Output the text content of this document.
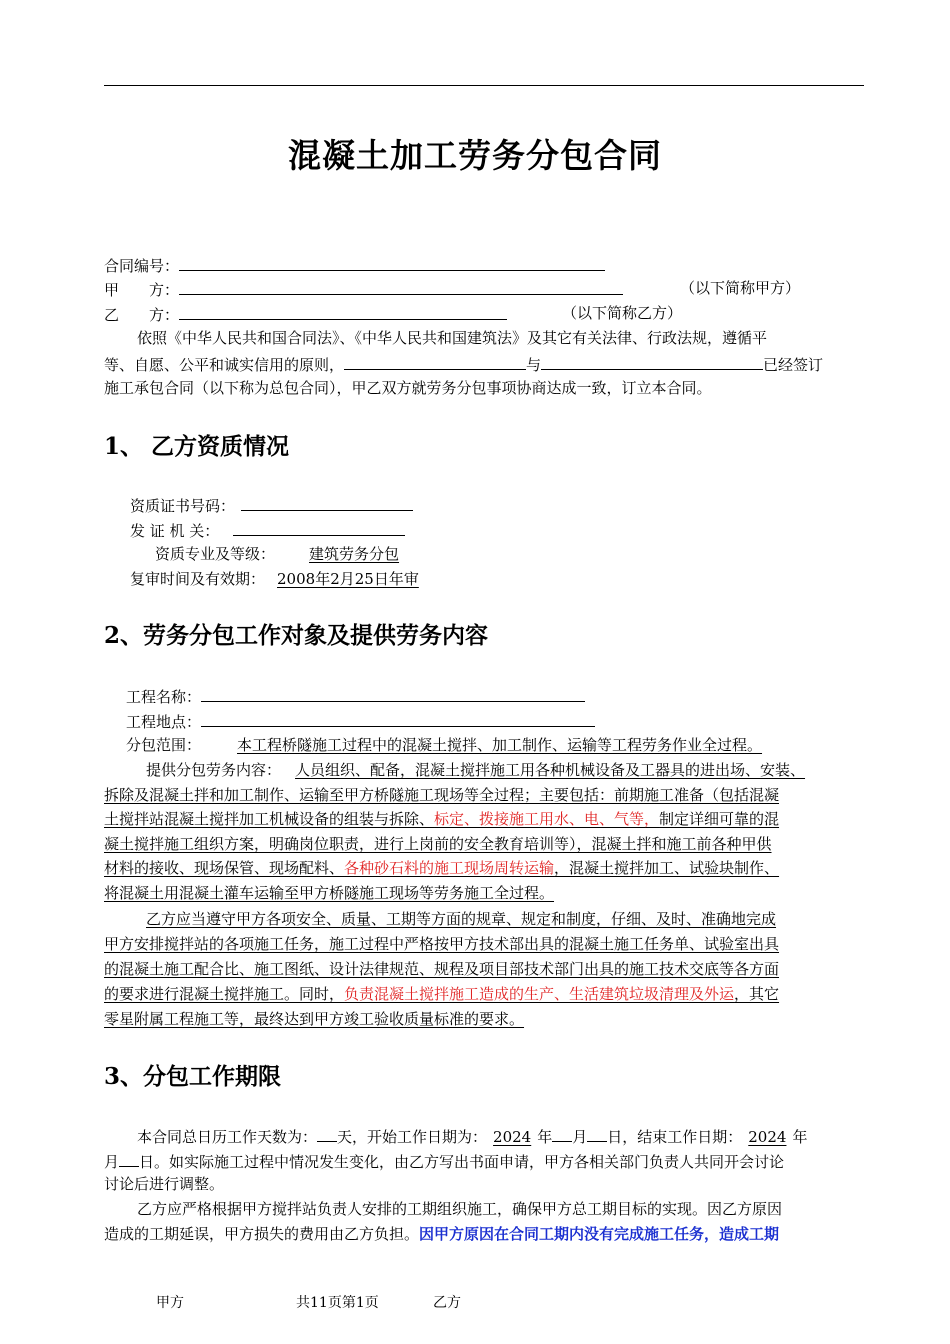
混凝土加工劳务分包合同
合同编号：
甲　　方：	（以下简称甲方）
乙　　方：	（以下简称乙方）
依照《中华人民共和国合同法》、《中华人民共和国建筑法》及其它有关法律、行政法规，遵循平
等、自愿、公平和诚实信用的原则，	与	已经签订
施工承包合同（以下称为总包合同），甲乙双方就劳务分包事项协商达成一致，订立本合同。
1、 乙方资质情况
资质证书号码：
发 证 机 关：
资质专业及等级： 建筑劳务分包
复审时间及有效期： 2008年2月25日年审
2、劳务分包工作对象及提供劳务内容
工程名称：
工程地点：
分包范围： 本工程桥隧施工过程中的混凝土搅拌、加工制作、运输等工程劳务作业全过程。
提供分包劳务内容： 人员组织、配备，混凝土搅拌施工用各种机械设备及工器具的进出场、安装、
拆除及混凝土拌和加工制作、运输至甲方桥隧施工现场等全过程；主要包括：前期施工准备（包括混凝
土搅拌站混凝土搅拌加工机械设备的组装与拆除、标定、拨接施工用水、电、气等，制定详细可靠的混
凝土搅拌施工组织方案，明确岗位职责，进行上岗前的安全教育培训等），混凝土拌和施工前各种甲供
材料的接收、现场保管、现场配料、各种砂石料的施工现场周转运输，混凝土搅拌加工、试验块制作、
将混凝土用混凝土灌车运输至甲方桥隧施工现场等劳务施工全过程。
乙方应当遵守甲方各项安全、质量、工期等方面的规章、规定和制度，仔细、及时、准确地完成
甲方安排搅拌站的各项施工任务，施工过程中严格按甲方技术部出具的混凝土施工任务单、试验室出具
的混凝土施工配合比、施工图纸、设计法律规范、规程及项目部技术部门出具的施工技术交底等各方面
的要求进行混凝土搅拌施工。同时，负责混凝土搅拌施工造成的生产、生活建筑垃圾清理及外运，其它
零星附属工程施工等，最终达到甲方竣工验收质量标准的要求。
3、分包工作期限
本合同总日历工作天数为： 天，开始工作日期为： 2024 年 月 日，结束工作日期： 2024 年
月 日。如实际施工过程中情况发生变化，由乙方写出书面申请，甲方各相关部门负责人共同开会讨论
讨论后进行调整。
乙方应严格根据甲方搅拌站负责人安排的工期组织施工，确保甲方总工期目标的实现。因乙方原因
造成的工期延误，甲方损失的费用由乙方负担。因甲方原因在合同工期内没有完成施工任务，造成工期
甲方	共11页第1页	乙方
